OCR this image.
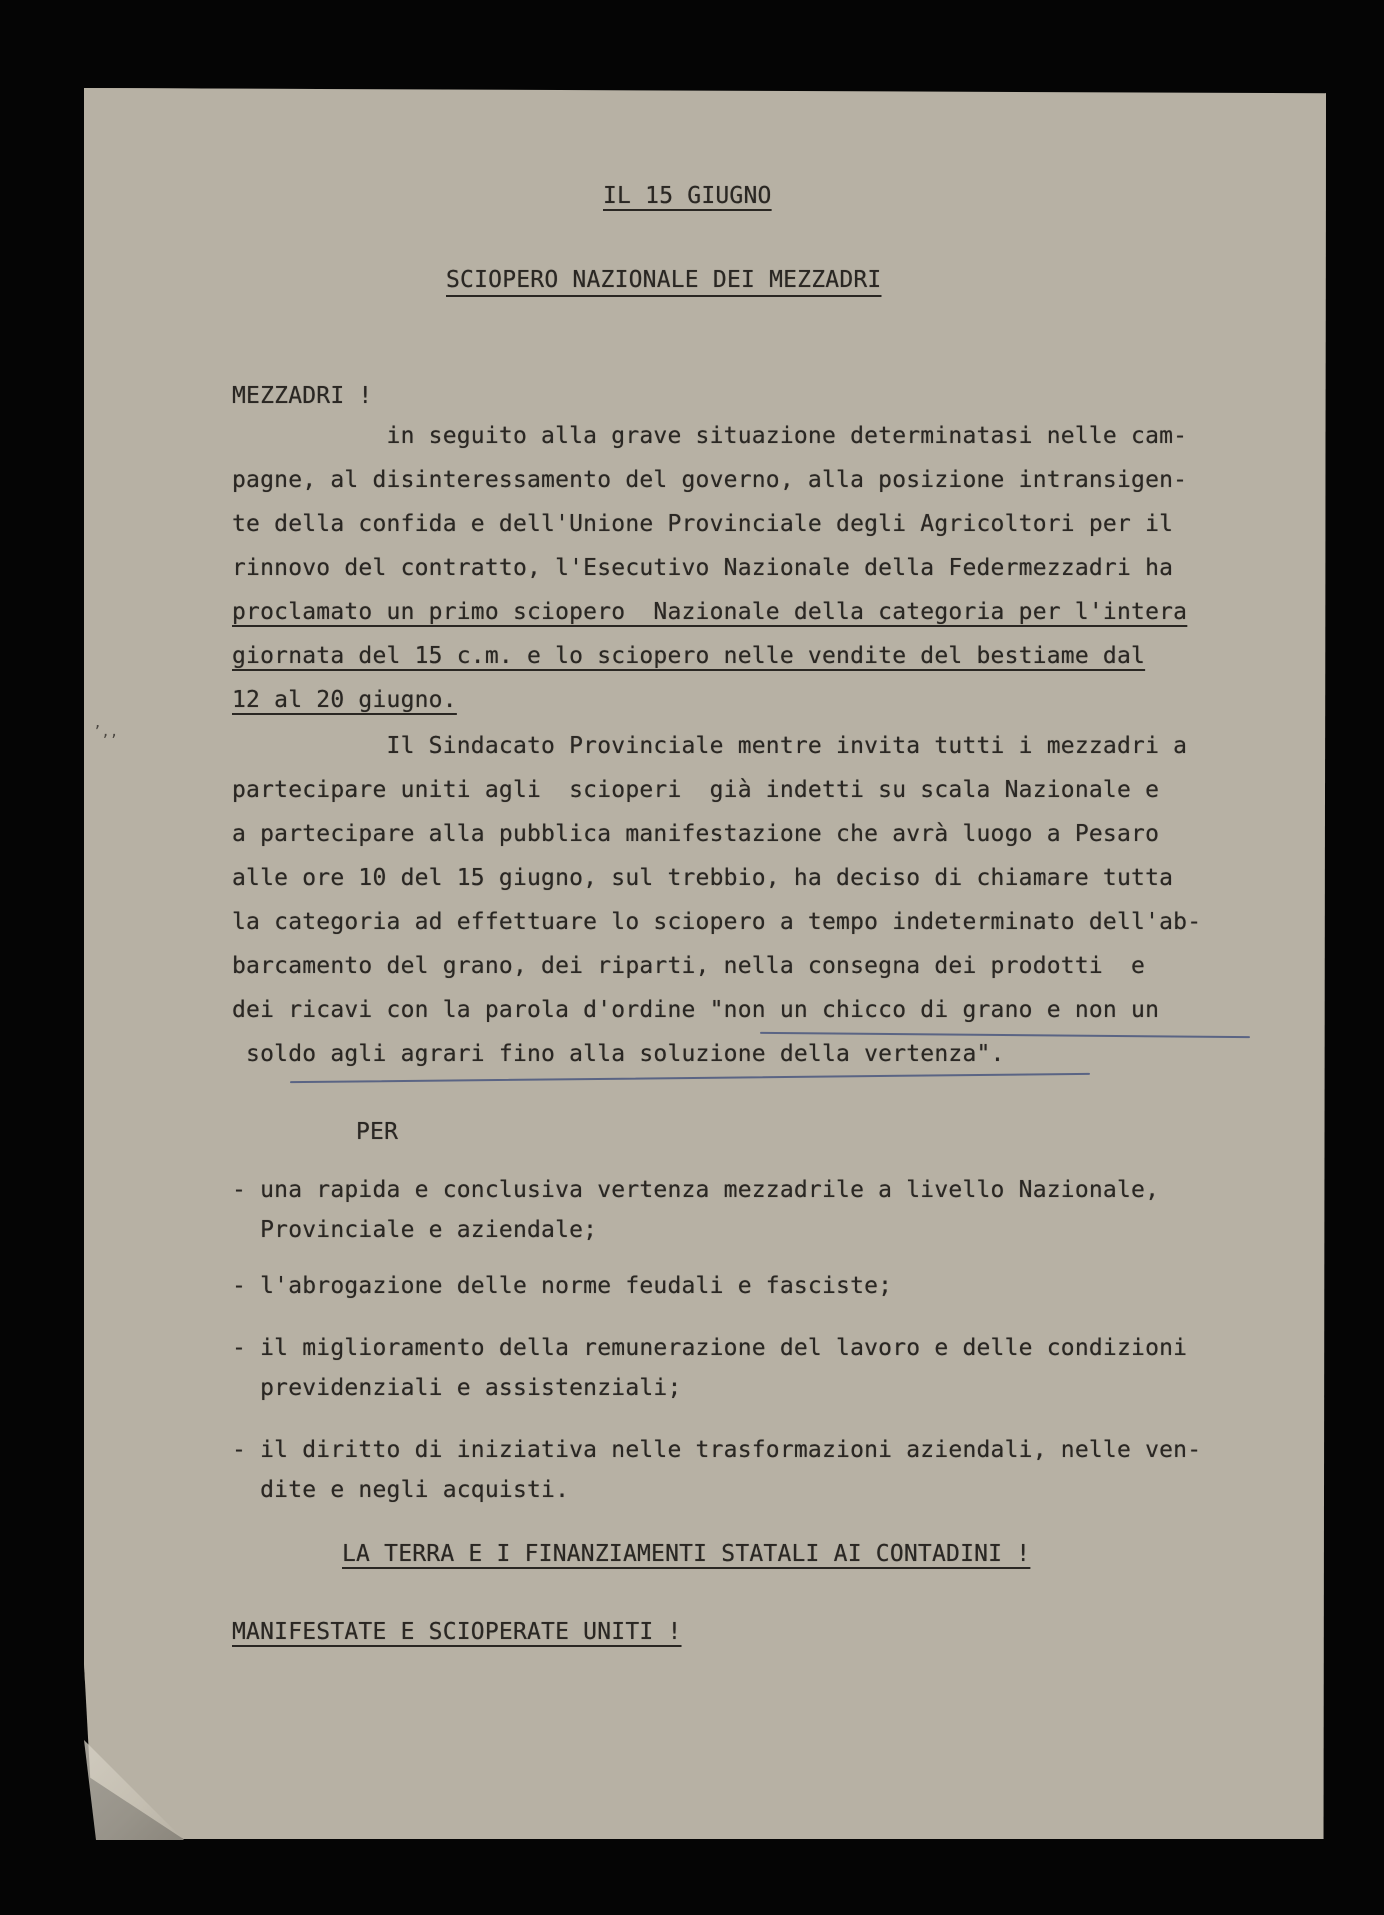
IL 15 GIUGNO
SCIOPERO NAZIONALE DEI MEZZADRI
MEZZADRI !
in seguito alla grave situazione determinatasi nelle cam-
pagne, al disinteressamento del governo, alla posizione intransigen-
te della confida e dell'Unione Provinciale degli Agricoltori per il
rinnovo del contratto, l'Esecutivo Nazionale della Federmezzadri ha
proclamato un primo sciopero  Nazionale della categoria per l'intera
giornata del 15 c.m. e lo sciopero nelle vendite del bestiame dal
12 al 20 giugno.
Il Sindacato Provinciale mentre invita tutti i mezzadri a
partecipare uniti agli  scioperi  già indetti su scala Nazionale e
a partecipare alla pubblica manifestazione che avrà luogo a Pesaro
alle ore 10 del 15 giugno, sul trebbio, ha deciso di chiamare tutta
la categoria ad effettuare lo sciopero a tempo indeterminato dell'ab-
barcamento del grano, dei riparti, nella consegna dei prodotti  e
dei ricavi con la parola d'ordine "non un chicco di grano e non un
soldo agli agrari fino alla soluzione della vertenza".
PER
- una rapida e conclusiva vertenza mezzadrile a livello Nazionale,
Provinciale e aziendale;
- l'abrogazione delle norme feudali e fasciste;
- il miglioramento della remunerazione del lavoro e delle condizioni
previdenziali e assistenziali;
- il diritto di iniziativa nelle trasformazioni aziendali, nelle ven-
dite e negli acquisti.
LA TERRA E I FINANZIAMENTI STATALI AI CONTADINI !
MANIFESTATE E SCIOPERATE UNITI !
’,,
